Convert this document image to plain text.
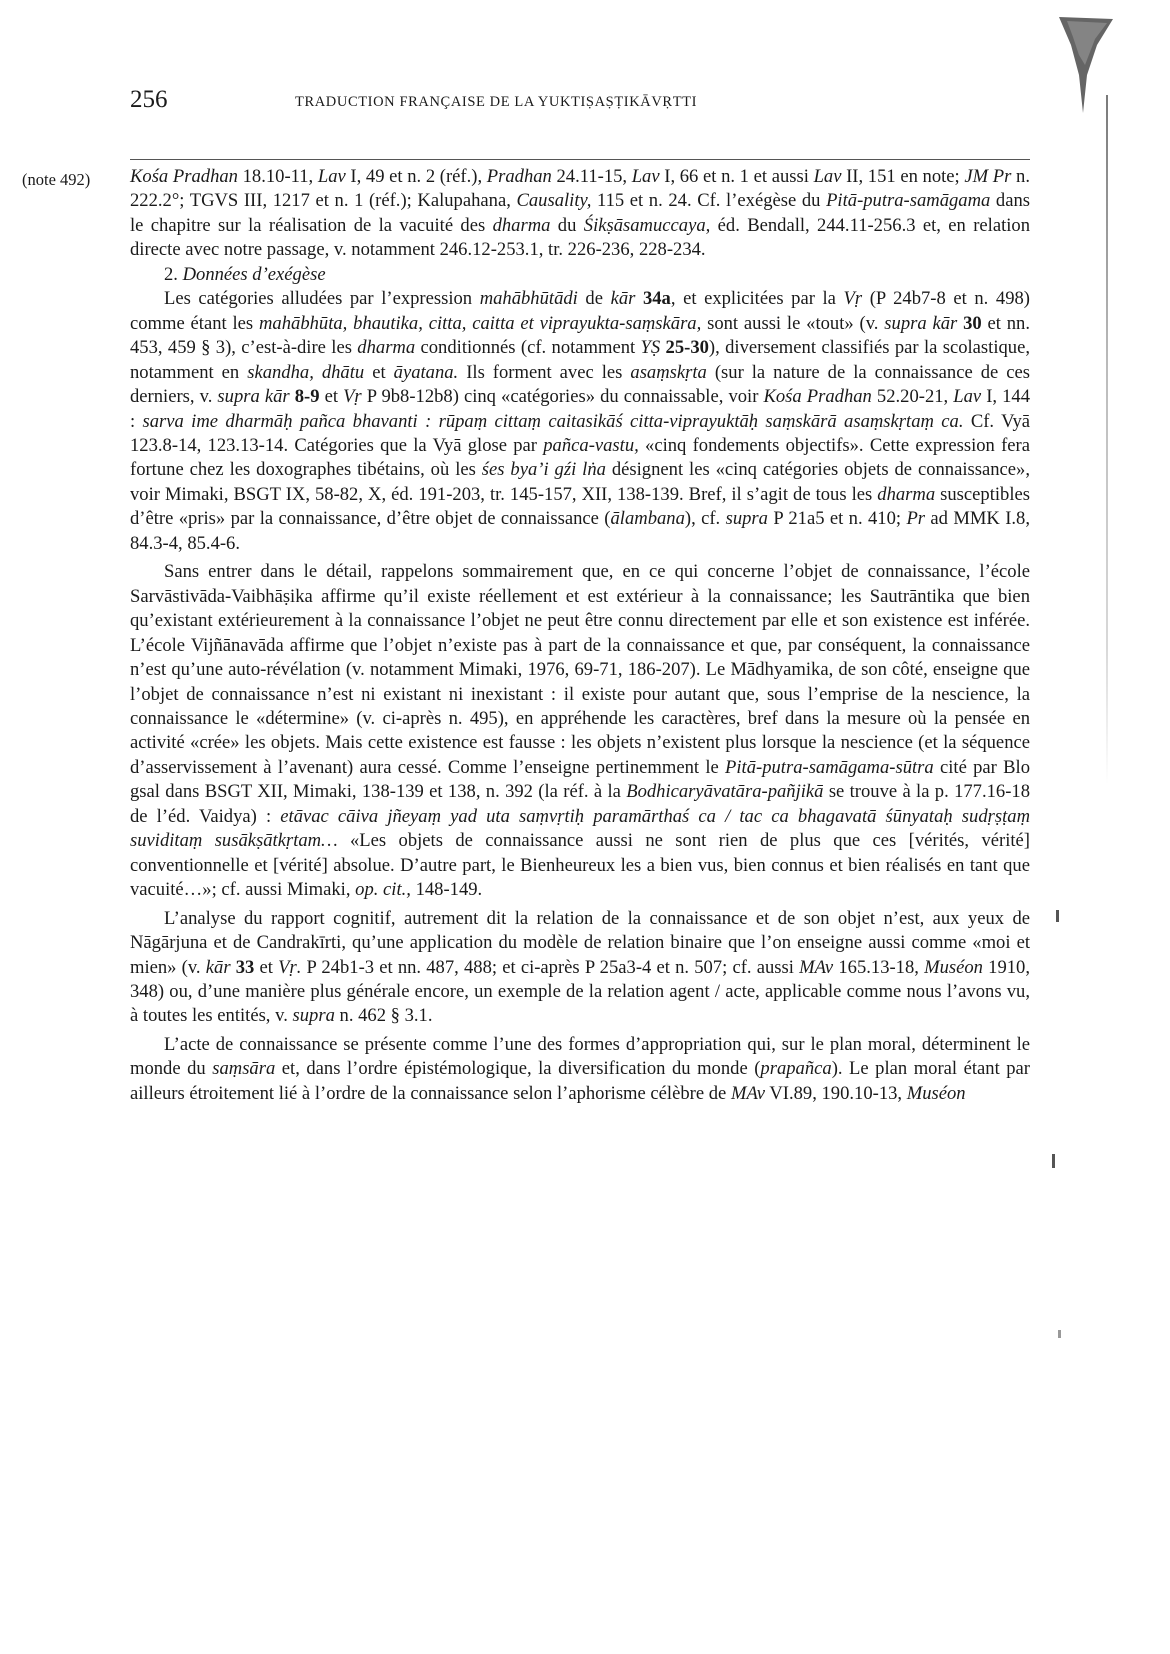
256	TRADUCTION FRANÇAISE DE LA YUKTIṢAṢṬIKĀVṚTTI
(note 492) Kośa Pradhan 18.10-11, Lav I, 49 et n. 2 (réf.), Pradhan 24.11-15, Lav I, 66 et n. 1 et aussi Lav II, 151 en note; JM Pr n. 222.2°; TGVS III, 1217 et n. 1 (réf.); Kalupahana, Causality, 115 et n. 24. Cf. l’exégèse du Pitā-putra-samāgama dans le chapitre sur la réalisation de la vacuité des dharma du Śikṣāsamuccaya, éd. Bendall, 244.11-256.3 et, en relation directe avec notre passage, v. notamment 246.12-253.1, tr. 226-236, 228-234.

2. Données d’exégèse

Les catégories alludées par l’expression mahābhūtādi de kār 34a, et explicitées par la Vṛ (P 24b7-8 et n. 498) comme étant les mahābhūta, bhautika, citta, caitta et viprayukta-saṃskāra, sont aussi le «tout» (v. supra kār 30 et nn. 453, 459 § 3), c’est-à-dire les dharma conditionnés (cf. notamment YṢ 25-30), diversement classifiés par la scolastique, notamment en skandha, dhātu et āyatana. Ils forment avec les asaṃskṛta (sur la nature de la connaissance de ces derniers, v. supra kār 8-9 et Vṛ P 9b8-12b8) cinq «catégories» du connaissable, voir Kośa Pradhan 52.20-21, Lav I, 144 : sarva ime dharmāḥ pañca bhavanti : rūpaṃ cittaṃ caitasikāś citta-viprayuktāḥ saṃskārā asaṃskṛtaṃ ca. Cf. Vyā 123.8-14, 123.13-14. Catégories que la Vyā glose par pañca-vastu, «cinq fondements objectifs». Cette expression fera fortune chez les doxographes tibétains, où les śes bya’i gźi lṅa désignent les «cinq catégories objets de connaissance», voir Mimaki, BSGT IX, 58-82, X, éd. 191-203, tr. 145-157, XII, 138-139. Bref, il s’agit de tous les dharma susceptibles d’être «pris» par la connaissance, d’être objet de connaissance (ālambana), cf. supra P 21a5 et n. 410; Pr ad MMK I.8, 84.3-4, 85.4-6.

Sans entrer dans le détail, rappelons sommairement que, en ce qui concerne l’objet de connaissance, l’école Sarvāstivāda-Vaibhāṣika affirme qu’il existe réellement et est extérieur à la connaissance; les Sautrāntika que bien qu’existant extérieurement à la connaissance l’objet ne peut être connu directement par elle et son existence est inférée. L’école Vijñānavāda affirme que l’objet n’existe pas à part de la connaissance et que, par conséquent, la connaissance n’est qu’une auto-révélation (v. notamment Mimaki, 1976, 69-71, 186-207). Le Mādhyamika, de son côté, enseigne que l’objet de connaissance n’est ni existant ni inexistant : il existe pour autant que, sous l’emprise de la nescience, la connaissance le «détermine» (v. ci-après n. 495), en appréhende les caractères, bref dans la mesure où la pensée en activité «crée» les objets. Mais cette existence est fausse : les objets n’existent plus lorsque la nescience (et la séquence d’asservissement à l’avenant) aura cessé. Comme l’enseigne pertinemment le Pitā-putra-samāgama-sūtra cité par Blo gsal dans BSGT XII, Mimaki, 138-139 et 138, n. 392 (la réf. à la Bodhicaryāvatāra-pañjikā se trouve à la p. 177.16-18 de l’éd. Vaidya) : etāvac cāiva jñeyaṃ yad uta saṃvṛtiḥ paramārthaś ca / tac ca bhagavatā śūnyataḥ sudṛṣṭaṃ suviditaṃ susākṣātkṛtam… «Les objets de connaissance aussi ne sont rien de plus que ces [vérités, vérité] conventionnelle et [vérité] absolue. D’autre part, le Bienheureux les a bien vus, bien connus et bien réalisés en tant que vacuité…»; cf. aussi Mimaki, op. cit., 148-149.

L’analyse du rapport cognitif, autrement dit la relation de la connaissance et de son objet n’est, aux yeux de Nāgārjuna et de Candrakīrti, qu’une application du modèle de relation binaire que l’on enseigne aussi comme «moi et mien» (v. kār 33 et Vṛ. P 24b1-3 et nn. 487, 488; et ci-après P 25a3-4 et n. 507; cf. aussi MAv 165.13-18, Muséon 1910, 348) ou, d’une manière plus générale encore, un exemple de la relation agent / acte, applicable comme nous l’avons vu, à toutes les entités, v. supra n. 462 § 3.1.

L’acte de connaissance se présente comme l’une des formes d’appropriation qui, sur le plan moral, déterminent le monde du saṃsāra et, dans l’ordre épistémologique, la diversification du monde (prapañca). Le plan moral étant par ailleurs étroitement lié à l’ordre de la connaissance selon l’aphorisme célèbre de MAv VI.89, 190.10-13, Muséon
